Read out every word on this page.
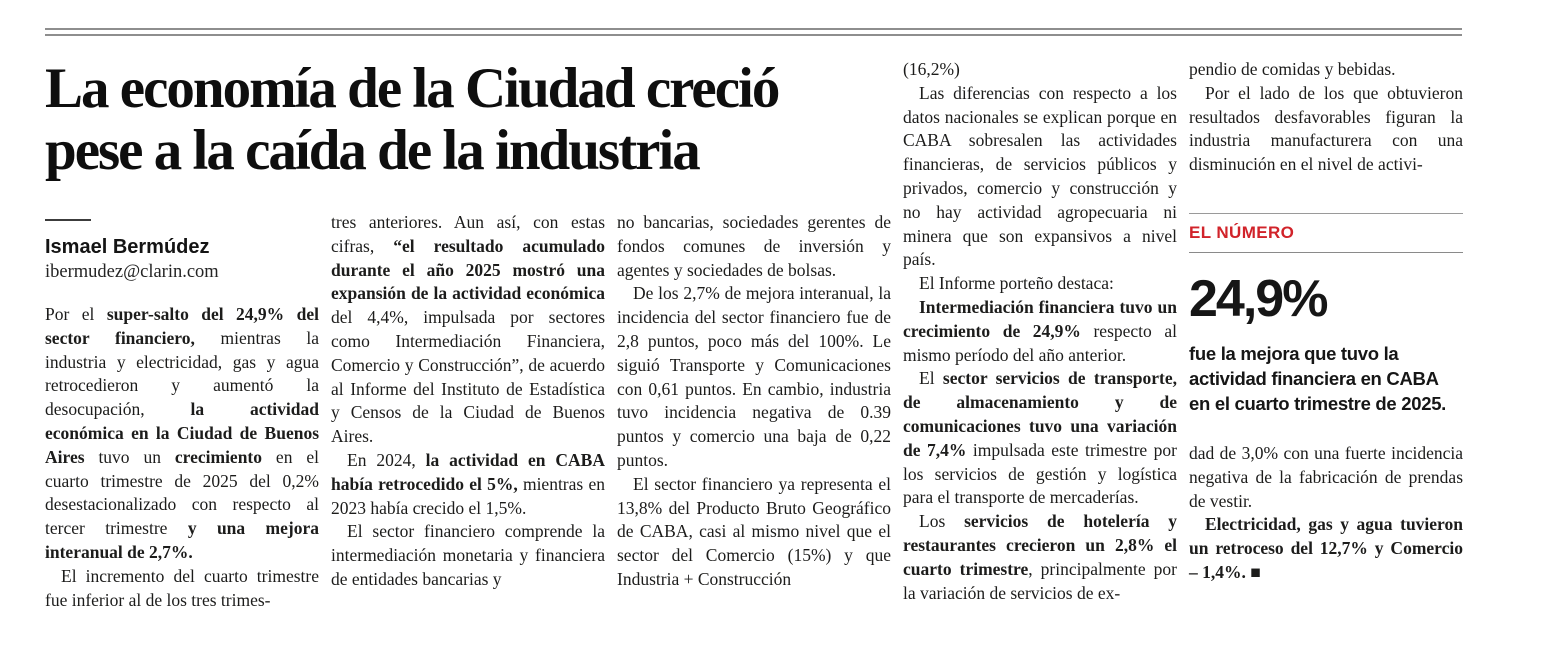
La economía de la Ciudad creció
pese a la caída de la industria
Ismael Bermúdez
ibermudez@clarin.com

Por el super-salto del 24,9% del sector financiero, mientras la industria y electricidad, gas y agua retrocedieron y aumentó la desocupación, la actividad económica en la Ciudad de Buenos Aires tuvo un crecimiento en el cuarto trimestre de 2025 del 0,2% desestacionalizado con respecto al tercer trimestre y una mejora interanual de 2,7%.

El incremento del cuarto trimestre fue inferior al de los tres trimes-

tres anteriores. Aun así, con estas cifras, “el resultado acumulado durante el año 2025 mostró una expansión de la actividad económica del 4,4%, impulsada por sectores como Intermediación Financiera, Comercio y Construcción”, de acuerdo al Informe del Instituto de Estadística y Censos de la Ciudad de Buenos Aires.

En 2024, la actividad en CABA había retrocedido el 5%, mientras en 2023 había crecido el 1,5%.

El sector financiero comprende la intermediación monetaria y financiera de entidades bancarias y

no bancarias, sociedades gerentes de fondos comunes de inversión y agentes y sociedades de bolsas.

De los 2,7% de mejora interanual, la incidencia del sector financiero fue de 2,8 puntos, poco más del 100%. Le siguió Transporte y Comunicaciones con 0,61 puntos. En cambio, industria tuvo incidencia negativa de 0.39 puntos y comercio una baja de 0,22 puntos.

El sector financiero ya representa el 13,8% del Producto Bruto Geográfico de CABA, casi al mismo nivel que el sector del Comercio (15%) y que Industria + Construcción

(16,2%)

Las diferencias con respecto a los datos nacionales se explican porque en CABA sobresalen las actividades financieras, de servicios públicos y privados, comercio y construcción y no hay actividad agropecuaria ni minera que son expansivos a nivel país.

El Informe porteño destaca:

Intermediación financiera tuvo un crecimiento de 24,9% respecto al mismo período del año anterior.

El sector servicios de transporte, de almacenamiento y de comunicaciones tuvo una variación de 7,4% impulsada este trimestre por los servicios de gestión y logística para el transporte de mercaderías.

Los servicios de hotelería y restaurantes crecieron un 2,8% el cuarto trimestre, principalmente por la variación de servicios de ex-

pendio de comidas y bebidas.

Por el lado de los que obtuvieron resultados desfavorables figuran la industria manufacturera con una disminución en el nivel de activi-

EL NÚMERO
24,9%
fue la mejora que tuvo la actividad financiera en CABA en el cuarto trimestre de 2025.

dad de 3,0% con una fuerte incidencia negativa de la fabricación de prendas de vestir.

Electricidad, gas y agua tuvieron un retroceso del 12,7% y Comercio – 1,4%. ■
